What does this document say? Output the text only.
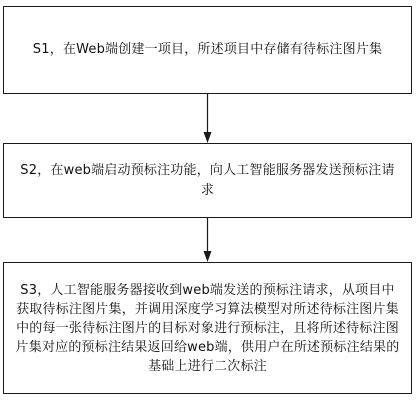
S1，在Web端创建一项目，所述项目中存储有待标注图片集
S2，在web端启动预标注功能，向人工智能服务器发送预标注请求
S3，人工智能服务器接收到web端发送的预标注请求，从项目中获取待标注图片集，并调用深度学习算法模型对所述待标注图片集中的每一张待标注图片的目标对象进行预标注，且将所述待标注图片集对应的预标注结果返回给web端，供用户在所述预标注结果的基础上进行二次标注
